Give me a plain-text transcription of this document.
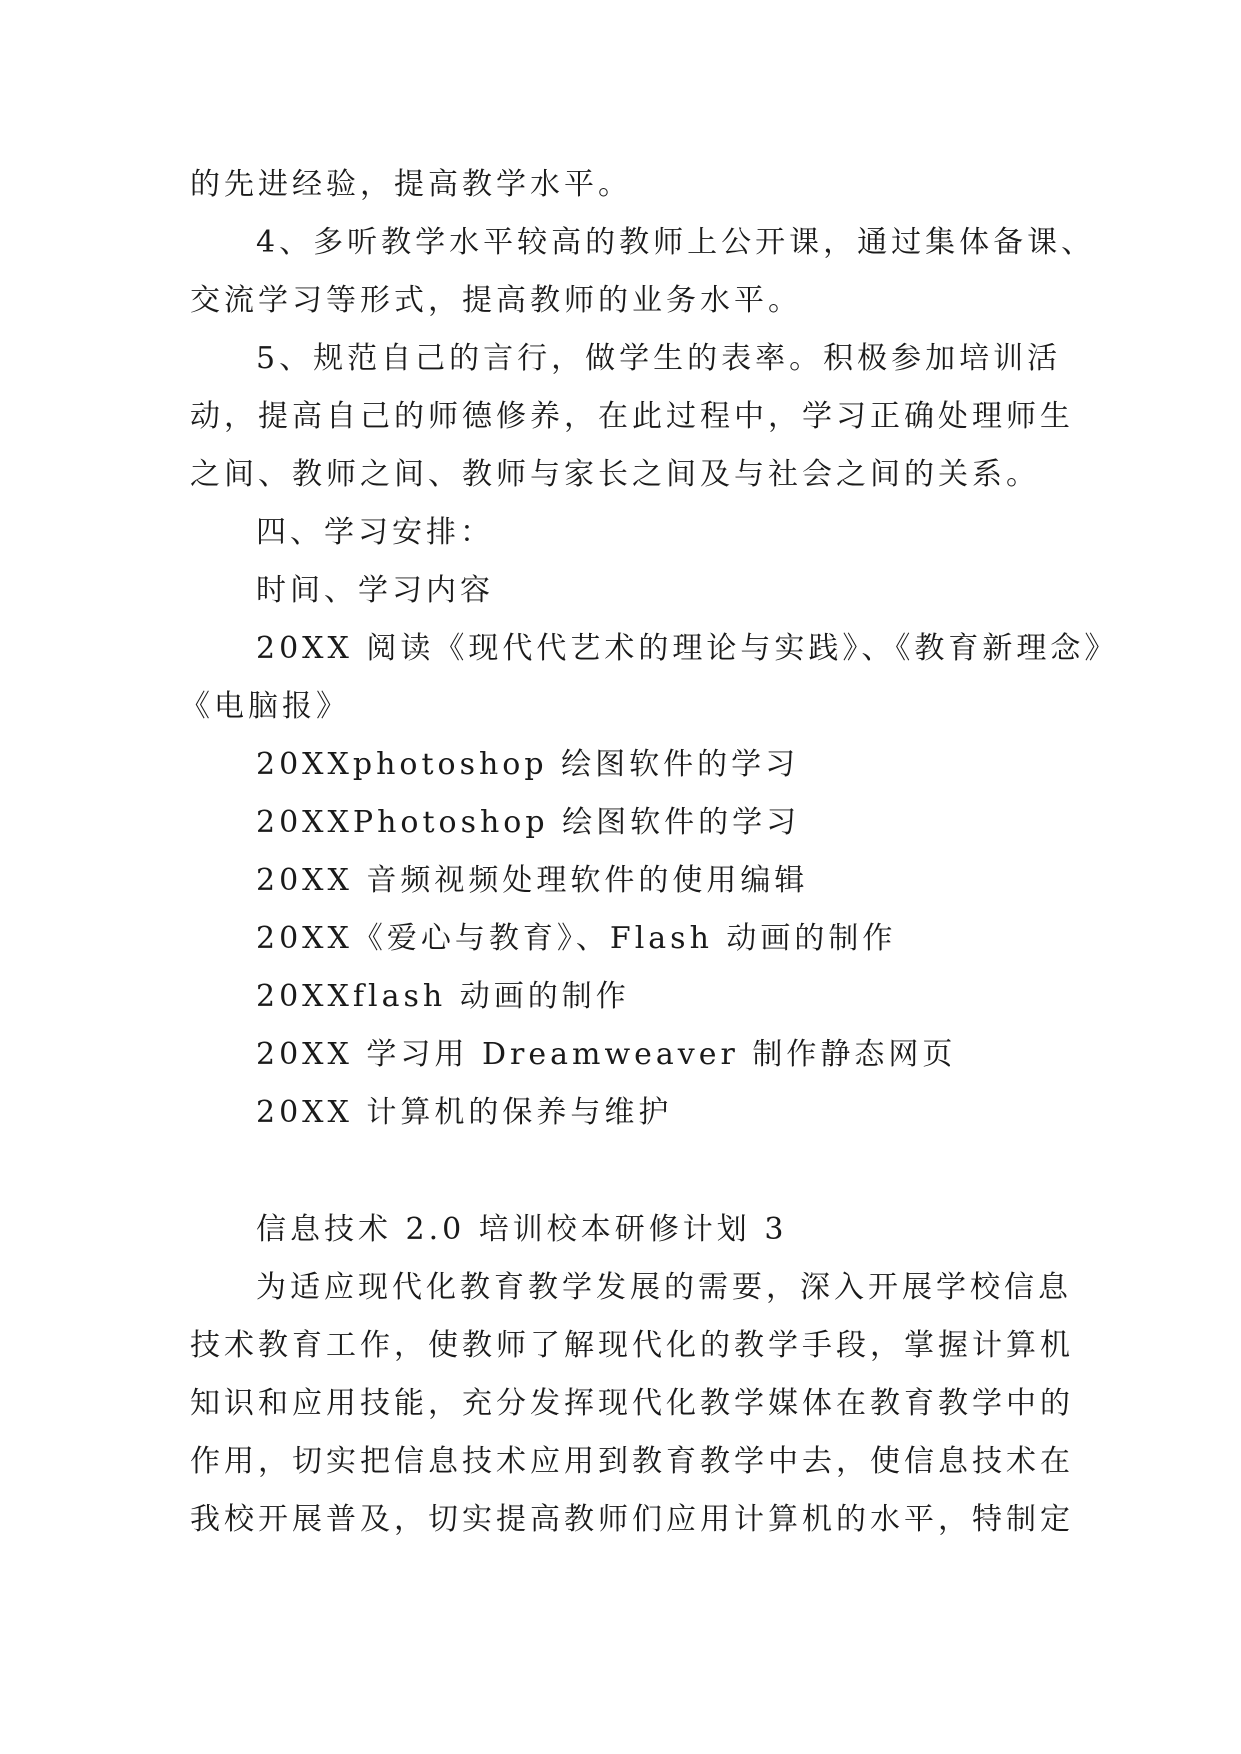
的先进经验，提高教学水平。
4、多听教学水平较高的教师上公开课，通过集体备课、
交流学习等形式，提高教师的业务水平。
5、规范自己的言行，做学生的表率。积极参加培训活
动，提高自己的师德修养，在此过程中，学习正确处理师生
之间、教师之间、教师与家长之间及与社会之间的关系。
四、学习安排：
时间、学习内容
20XX 阅读《现代代艺术的理论与实践》、《教育新理念》
《电脑报》
20XXphotoshop 绘图软件的学习
20XXPhotoshop 绘图软件的学习
20XX 音频视频处理软件的使用编辑
20XX《爱心与教育》、Flash 动画的制作
20XXflash 动画的制作
20XX 学习用 Dreamweaver 制作静态网页
20XX 计算机的保养与维护
信息技术 2.0 培训校本研修计划 3
为适应现代化教育教学发展的需要，深入开展学校信息
技术教育工作，使教师了解现代化的教学手段，掌握计算机
知识和应用技能，充分发挥现代化教学媒体在教育教学中的
作用，切实把信息技术应用到教育教学中去，使信息技术在
我校开展普及，切实提高教师们应用计算机的水平，特制定
